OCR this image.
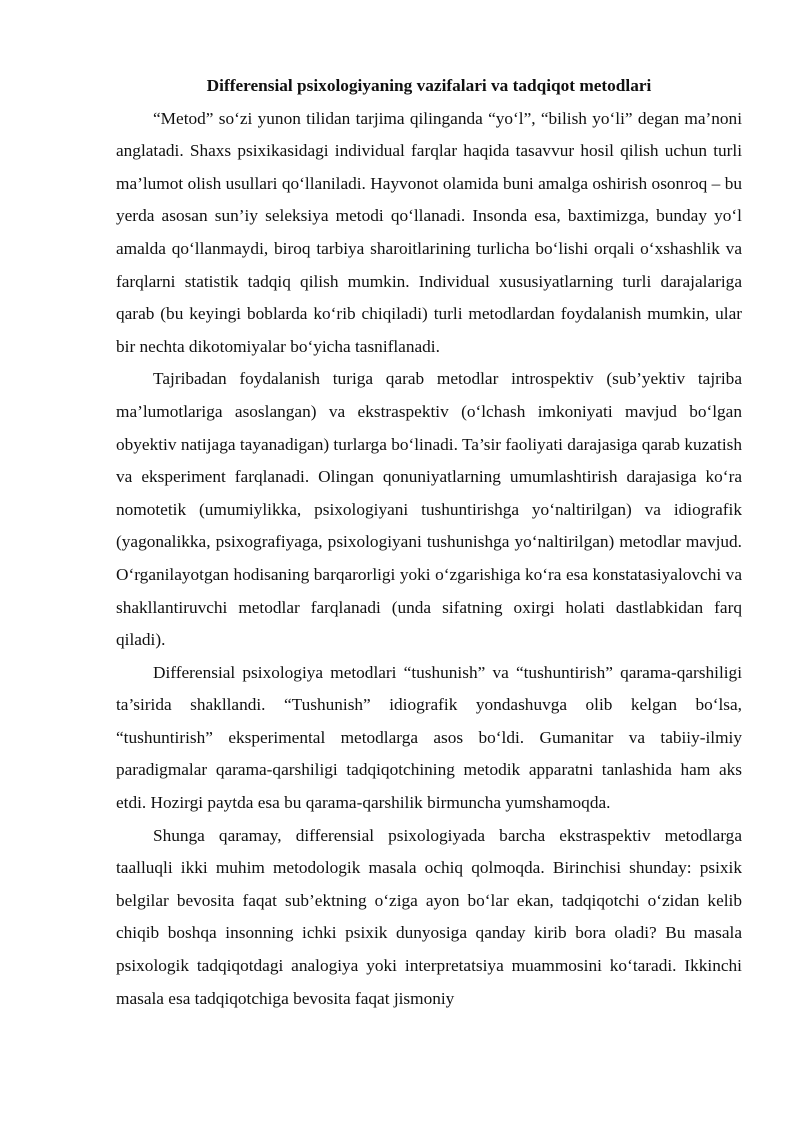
Differensial psixologiyaning vazifalari va tadqiqot metodlari

“Metod” so‘zi yunon tilidan tarjima qilinganda “yo‘l”, “bilish yo‘li” degan ma’noni anglatadi. Shaxs psixikasidagi individual farqlar haqida tasavvur hosil qilish uchun turli ma’lumot olish usullari qo‘llaniladi. Hayvonot olamida buni amalga oshirish osonroq – bu yerda asosan sun’iy seleksiya metodi qo‘llanadi. Insonda esa, baxtimizga, bunday yo‘l amalda qo‘llanmaydi, biroq tarbiya sharoitlarining turlicha bo‘lishi orqali o‘xshashlik va farqlarni statistik tadqiq qilish mumkin. Individual xususiyatlarning turli darajalariga qarab (bu keyingi boblarda ko‘rib chiqiladi) turli metodlardan foydalanish mumkin, ular bir nechta dikotomiyalar bo‘yicha tasniflanadi.

Tajribadan foydalanish turiga qarab metodlar introspektiv (sub’yektiv tajriba ma’lumotlariga asoslangan) va ekstraspektiv (o‘lchash imkoniyati mavjud bo‘lgan obyektiv natijaga tayanadigan) turlarga bo‘linadi. Ta’sir faoliyati darajasiga qarab kuzatish va eksperiment farqlanadi. Olingan qonuniyatlarning umumlashtirish darajasiga ko‘ra nomotetik (umumiylikka, psixologiyani tushuntirishga yo‘naltirilgan) va idiografik (yagonalikka, psixografiyaga, psixologiyani tushunishga yo‘naltirilgan) metodlar mavjud. O‘rganilayotgan hodisaning barqarorligi yoki o‘zgarishiga ko‘ra esa konstatasiyalovchi va shakllantiruvchi metodlar farqlanadi (unda sifatning oxirgi holati dastlabkidan farq qiladi).

Differensial psixologiya metodlari “tushunish” va “tushuntirish” qarama-qarshiligi ta’sirida shakllandi. “Tushunish” idiografik yondashuvga olib kelgan bo‘lsa, “tushuntirish” eksperimental metodlarga asos bo‘ldi. Gumanitar va tabiiy-ilmiy paradigmalar qarama-qarshiligi tadqiqotchining metodik apparatni tanlashida ham aks etdi. Hozirgi paytda esa bu qarama-qarshilik birmuncha yumshamoqda.

Shunga qaramay, differensial psixologiyada barcha ekstraspektiv metodlarga taalluqli ikki muhim metodologik masala ochiq qolmoqda. Birinchisi shunday: psixik belgilar bevosita faqat sub’ektning o‘ziga ayon bo‘lar ekan, tadqiqotchi o‘zidan kelib chiqib boshqa insonning ichki psixik dunyosiga qanday kirib bora oladi? Bu masala psixologik tadqiqotdagi analogiya yoki interpretatsiya muammosini ko‘taradi. Ikkinchi masala esa tadqiqotchiga bevosita faqat jismoniy
